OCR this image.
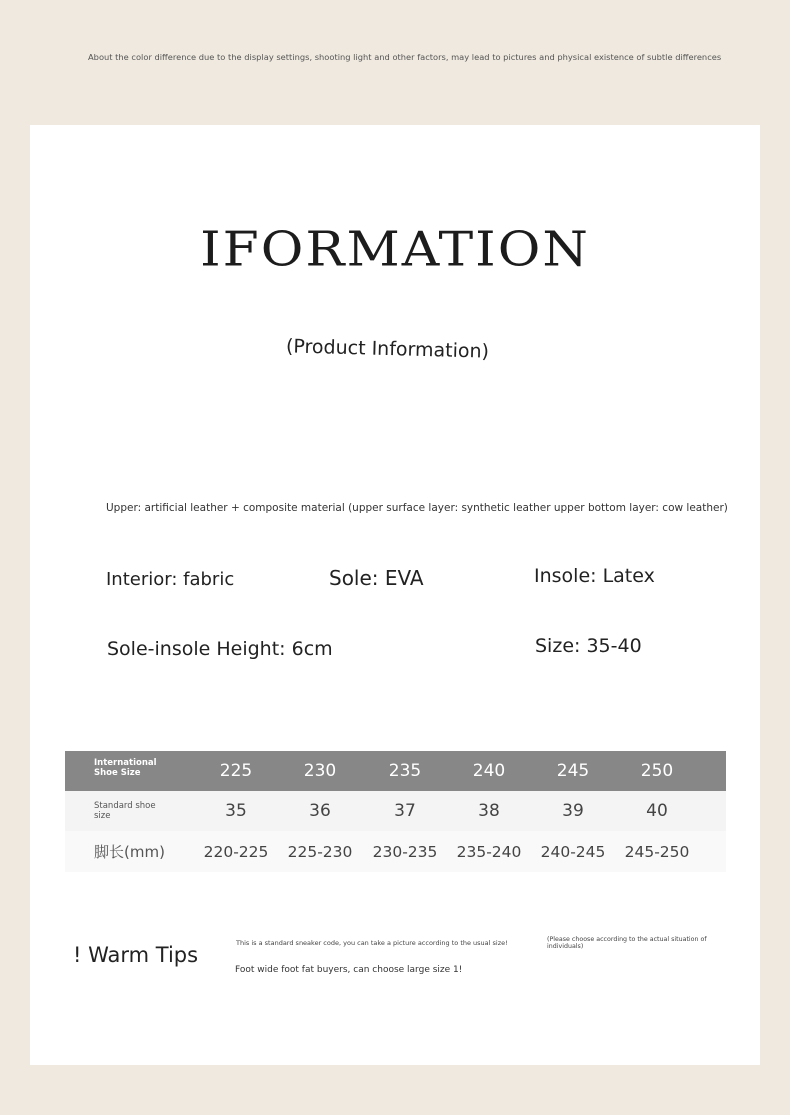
About the color difference due to the display settings, shooting light and other factors, may lead to pictures and physical existence of subtle differences
IFORMATION
(Product Information)
Upper: artificial leather + composite material (upper surface layer: synthetic leather upper bottom layer: cow leather)
Interior: fabric	Sole: EVA	Insole: Latex
Sole-insole Height: 6cm	Size: 35-40
International Shoe Size	225	230	235	240	245	250
Standard shoe size	35	36	37	38	39	40
脚长(mm)	220-225	225-230	230-235	235-240	240-245	245-250
! Warm Tips	This is a standard sneaker code, you can take a picture according to the usual size!
Foot wide foot fat buyers, can choose large size 1!
(Please choose according to the actual situation of individuals)
